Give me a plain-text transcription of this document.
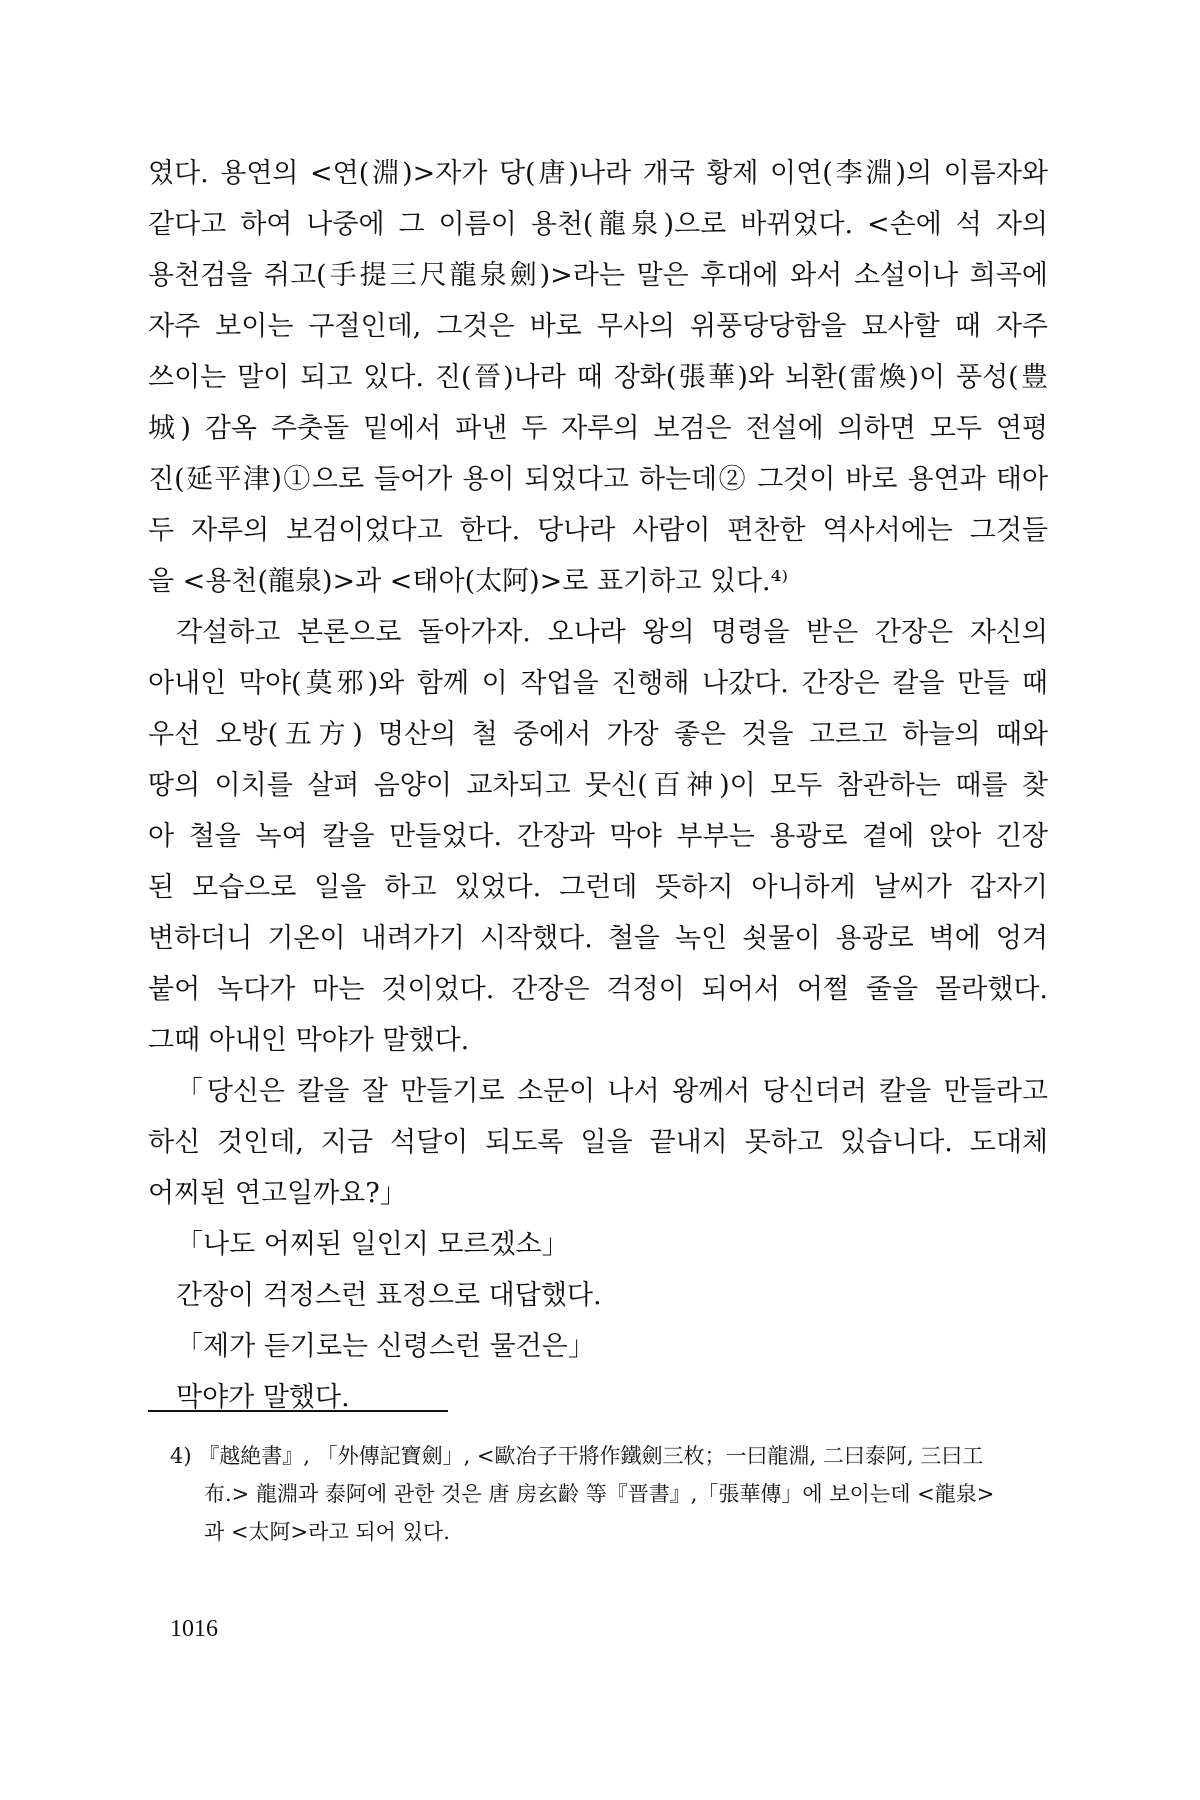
였다. 용연의 <연(淵)>자가 당(唐)나라 개국 황제 이연(李淵)의 이름자와
같다고 하여 나중에 그 이름이 용천(龍泉)으로 바뀌었다. <손에 석 자의
용천검을 쥐고(手提三尺龍泉劍)>라는 말은 후대에 와서 소설이나 희곡에
자주 보이는 구절인데, 그것은 바로 무사의 위풍당당함을 묘사할 때 자주
쓰이는 말이 되고 있다. 진(晉)나라 때 장화(張華)와 뇌환(雷煥)이 풍성(豊
城) 감옥 주춧돌 밑에서 파낸 두 자루의 보검은 전설에 의하면 모두 연평
진(延平津)①으로 들어가 용이 되었다고 하는데② 그것이 바로 용연과 태아
두 자루의 보검이었다고 한다. 당나라 사람이 편찬한 역사서에는 그것들
을 <용천(龍泉)>과 <태아(太阿)>로 표기하고 있다.⁴⁾
각설하고 본론으로 돌아가자. 오나라 왕의 명령을 받은 간장은 자신의
아내인 막야(莫邪)와 함께 이 작업을 진행해 나갔다. 간장은 칼을 만들 때
우선 오방(五方) 명산의 철 중에서 가장 좋은 것을 고르고 하늘의 때와
땅의 이치를 살펴 음양이 교차되고 뭇신(百神)이 모두 참관하는 때를 찾
아 철을 녹여 칼을 만들었다. 간장과 막야 부부는 용광로 곁에 앉아 긴장
된 모습으로 일을 하고 있었다. 그런데 뜻하지 아니하게 날씨가 갑자기
변하더니 기온이 내려가기 시작했다. 철을 녹인 쇳물이 용광로 벽에 엉겨
붙어 녹다가 마는 것이었다. 간장은 걱정이 되어서 어쩔 줄을 몰라했다.
그때 아내인 막야가 말했다.
「당신은 칼을 잘 만들기로 소문이 나서 왕께서 당신더러 칼을 만들라고
하신 것인데, 지금 석달이 되도록 일을 끝내지 못하고 있습니다. 도대체
어찌된 연고일까요?」
「나도 어찌된 일인지 모르겠소」
간장이 걱정스런 표정으로 대답했다.
「제가 듣기로는 신령스런 물건은」
막야가 말했다.
4) 『越絶書』, 「外傳記寶劍」, <歐冶子干將作鐵劍三枚；一曰龍淵, 二曰泰阿, 三曰工
布.> 龍淵과 泰阿에 관한 것은 唐 房玄齡 等『晋書』,「張華傳」에 보이는데 <龍泉>
과 <太阿>라고 되어 있다.
1016
